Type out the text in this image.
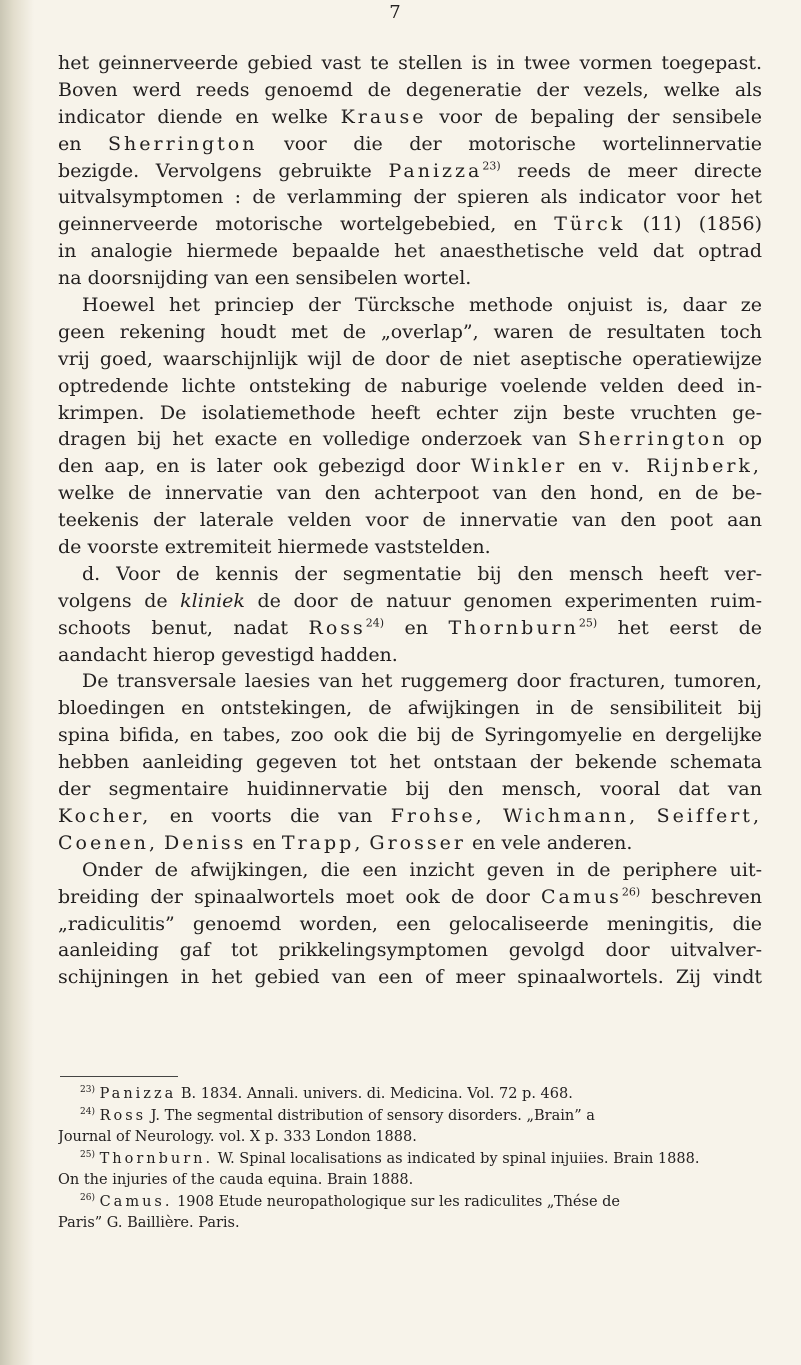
7
het geinnerveerde gebied vast te stellen is in twee vormen toegepast.
Boven werd reeds genoemd de degeneratie der vezels, welke als
indicator diende en welke Krause voor de bepaling der sensibele
en Sherrington voor die der motorische wortelinnervatie
bezigde. Vervolgens gebruikte Panizza$^{23)}$ reeds de meer directe
uitvalsymptomen : de verlamming der spieren als indicator voor het
geinnerveerde motorische wortelgebebied, en Türck (11) (1856)
in analogie hiermede bepaalde het anaesthetische veld dat optrad
na doorsnijding van een sensibelen wortel.
Hoewel het princiep der Türcksche methode onjuist is, daar ze
geen rekening houdt met de „overlap”, waren de resultaten toch
vrij goed, waarschijnlijk wijl de door de niet aseptische operatiewijze
optredende lichte ontsteking de naburige voelende velden deed in-
krimpen. De isolatiemethode heeft echter zijn beste vruchten ge-
dragen bij het exacte en volledige onderzoek van Sherrington op
den aap, en is later ook gebezigd door Winkler en v. Rijnberk,
welke de innervatie van den achterpoot van den hond, en de be-
teekenis der laterale velden voor de innervatie van den poot aan
de voorste extremiteit hiermede vaststelden.
d. Voor de kennis der segmentatie bij den mensch heeft ver-
volgens de kliniek de door de natuur genomen experimenten ruim-
schoots benut, nadat Ross$^{24)}$ en Thornburn$^{25)}$ het eerst de
aandacht hierop gevestigd hadden.
De transversale laesies van het ruggemerg door fracturen, tumoren,
bloedingen en ontstekingen, de afwijkingen in de sensibiliteit bij
spina bifida, en tabes, zoo ook die bij de Syringomyelie en dergelijke
hebben aanleiding gegeven tot het ontstaan der bekende schemata
der segmentaire huidinnervatie bij den mensch, vooral dat van
Kocher, en voorts die van Frohse, Wichmann, Seiffert,
Coenen, Deniss en Trapp, Grosser en vele anderen.
Onder de afwijkingen, die een inzicht geven in de periphere uit-
breiding der spinaalwortels moet ook de door Camus$^{26)}$ beschreven
„radiculitis” genoemd worden, een gelocaliseerde meningitis, die
aanleiding gaf tot prikkelingsymptomen gevolgd door uitvalver-
schijningen in het gebied van een of meer spinaalwortels. Zij vindt
$^{23)}$ Panizza B. 1834. Annali. univers. di. Medicina. Vol. 72 p. 468.
$^{24)}$ Ross J. The segmental distribution of sensory disorders. „Brain” a
Journal of Neurology. vol. X p. 333 London 1888.
$^{25)}$ Thornburn. W. Spinal localisations as indicated by spinal injuiies. Brain 1888.
On the injuries of the cauda equina. Brain 1888.
$^{26)}$ Camus. 1908 Etude neuropathologique sur les radiculites „Thése de
Paris” G. Baillière. Paris.
